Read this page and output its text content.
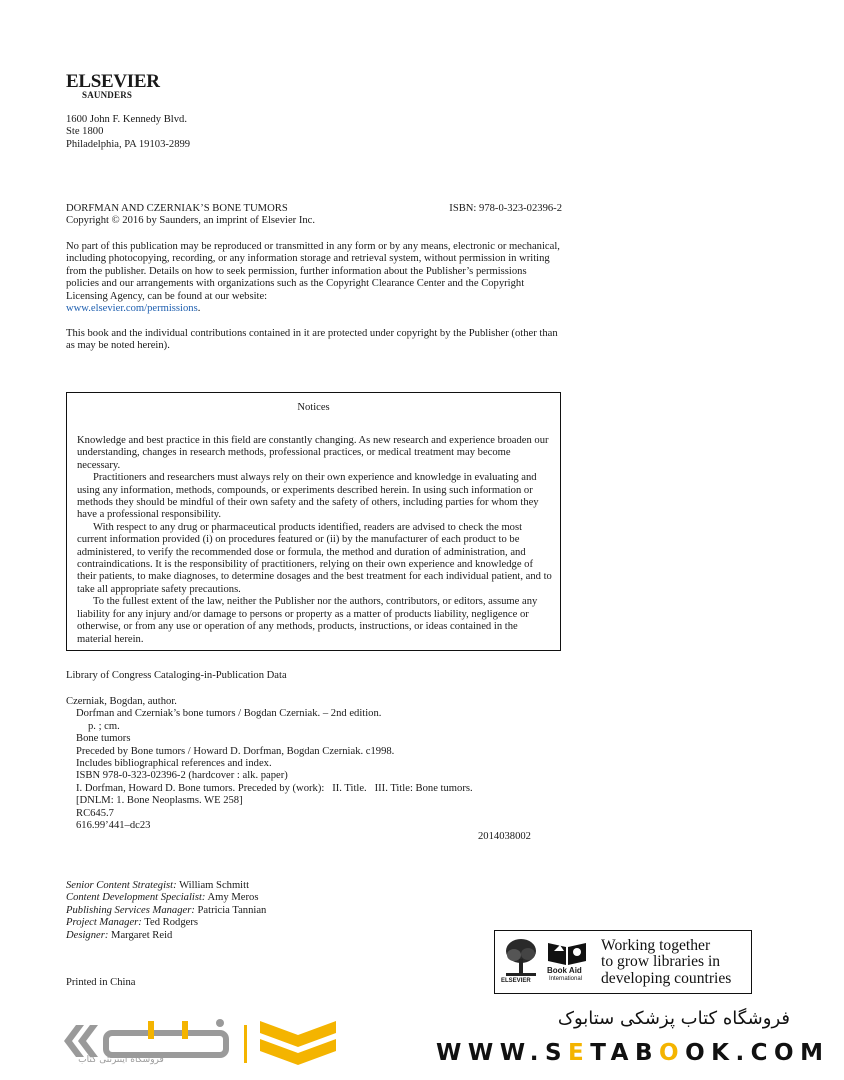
ELSEVIER
SAUNDERS
1600 John F. Kennedy Blvd.
Ste 1800
Philadelphia, PA 19103-2899
DORFMAN AND CZERNIAK’S BONE TUMORS	ISBN: 978-0-323-02396-2
Copyright © 2016 by Saunders, an imprint of Elsevier Inc.
No part of this publication may be reproduced or transmitted in any form or by any means, electronic or mechanical, including photocopying, recording, or any information storage and retrieval system, without permission in writing from the publisher. Details on how to seek permission, further information about the Publisher’s permissions policies and our arrangements with organizations such as the Copyright Clearance Center and the Copyright Licensing Agency, can be found at our website:
www.elsevier.com/permissions.
This book and the individual contributions contained in it are protected under copyright by the Publisher (other than as may be noted herein).
Notices

Knowledge and best practice in this field are constantly changing. As new research and experience broaden our understanding, changes in research methods, professional practices, or medical treatment may become necessary.

Practitioners and researchers must always rely on their own experience and knowledge in evaluating and using any information, methods, compounds, or experiments described herein. In using such information or methods they should be mindful of their own safety and the safety of others, including parties for whom they have a professional responsibility.

With respect to any drug or pharmaceutical products identified, readers are advised to check the most current information provided (i) on procedures featured or (ii) by the manufacturer of each product to be administered, to verify the recommended dose or formula, the method and duration of administration, and contraindications. It is the responsibility of practitioners, relying on their own experience and knowledge of their patients, to make diagnoses, to determine dosages and the best treatment for each individual patient, and to take all appropriate safety precautions.

To the fullest extent of the law, neither the Publisher nor the authors, contributors, or editors, assume any liability for any injury and/or damage to persons or property as a matter of products liability, negligence or otherwise, or from any use or operation of any methods, products, instructions, or ideas contained in the material herein.

Library of Congress Cataloging-in-Publication Data
Czerniak, Bogdan, author.
Dorfman and Czerniak’s bone tumors / Bogdan Czerniak. – 2nd edition.
p. ; cm.
Bone tumors
Preceded by Bone tumors / Howard D. Dorfman, Bogdan Czerniak. c1998.
Includes bibliographical references and index.
ISBN 978-0-323-02396-2 (hardcover : alk. paper)
I. Dorfman, Howard D. Bone tumors. Preceded by (work):   II. Title.   III. Title: Bone tumors.
[DNLM: 1. Bone Neoplasms. WE 258]
RC645.7
616.99’441–dc23
2014038002
Senior Content Strategist: William Schmitt
Content Development Specialist: Amy Meros
Publishing Services Manager: Patricia Tannian
Project Manager: Ted Rodgers
Designer: Margaret Reid
Printed in China	ELSEVIER
Book Aid
International
Working together
to grow libraries in
developing countries
فروشگاه اینترنتی کتاب
فروشگاه کتاب پزشکی ستابوک
WWW.SETABOOK.COM
